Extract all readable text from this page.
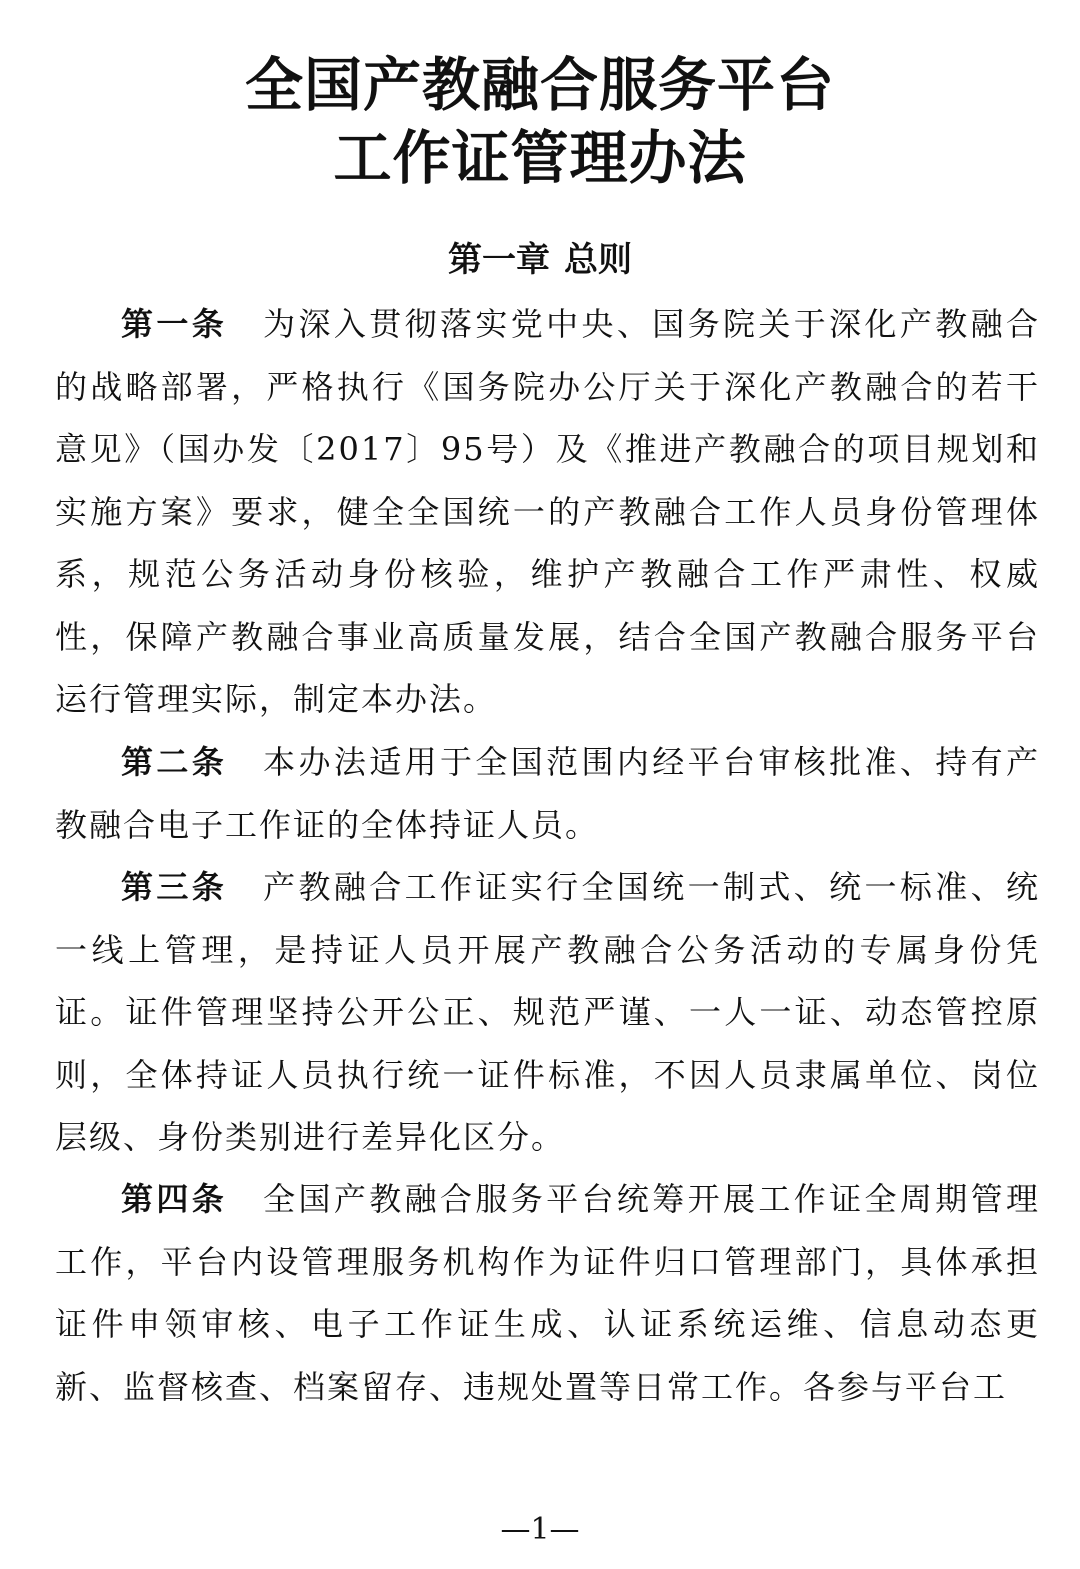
全国产教融合服务平台
工作证管理办法
第一章 总则

第一条 为深入贯彻落实党中央、国务院关于深化产教融合的战略部署，严格执行《国务院办公厅关于深化产教融合的若干意见》（国办发〔2017〕95号）及《推进产教融合的项目规划和实施方案》要求，健全全国统一的产教融合工作人员身份管理体系，规范公务活动身份核验，维护产教融合工作严肃性、权威性，保障产教融合事业高质量发展，结合全国产教融合服务平台运行管理实际，制定本办法。

第二条 本办法适用于全国范围内经平台审核批准、持有产教融合电子工作证的全体持证人员。

第三条 产教融合工作证实行全国统一制式、统一标准、统一线上管理，是持证人员开展产教融合公务活动的专属身份凭证。证件管理坚持公开公正、规范严谨、一人一证、动态管控原则，全体持证人员执行统一证件标准，不因人员隶属单位、岗位层级、身份类别进行差异化区分。

第四条 全国产教融合服务平台统筹开展工作证全周期管理工作，平台内设管理服务机构作为证件归口管理部门，具体承担证件申领审核、电子工作证生成、认证系统运维、信息动态更新、监督核查、档案留存、违规处置等日常工作。各参与平台工

—1—
